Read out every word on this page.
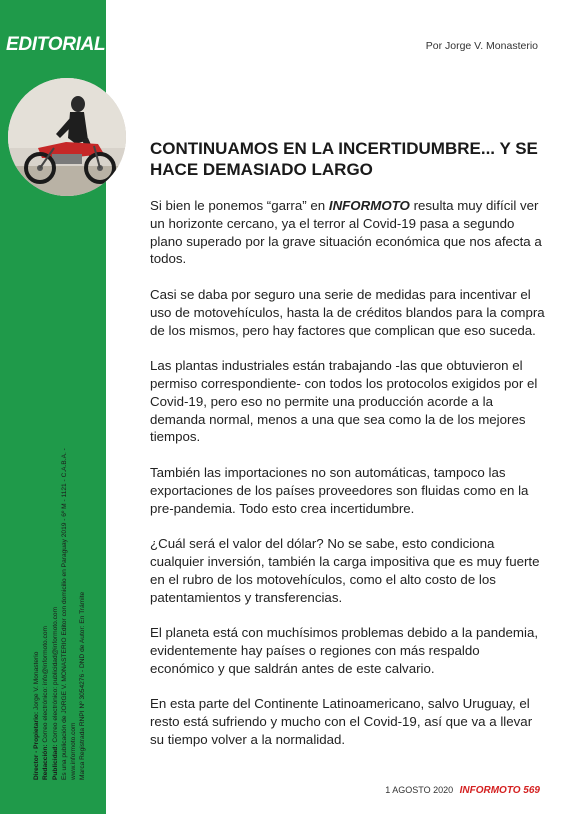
EDITORIAL
Director - Propietario: Jorge V. Monasterio
Redacción: Correo electrónico: info@informoto.com
Publicidad: Correo electrónico: publicidad@informoto.com Es una publicación de JORGE V. MONASTERIO Editor con domicilio en Paraguay 2019 - 6º M - 1121 - C.A.B.A. - www.informoto.com Marca Registrada RNPI Nº 3054276 - DND de Autor: En Trámite
Por Jorge V. Monasterio
CONTINUAMOS EN LA INCERTIDUMBRE... Y SE HACE DEMASIADO LARGO

Si bien le ponemos “garra” en INFORMOTO resulta muy difícil ver un horizonte cercano, ya el terror al Covid-19 pasa a segundo plano superado por la grave situación económica que nos afecta a todos.

Casi se daba por seguro una serie de medidas para incentivar el uso de motovehículos, hasta la de créditos blandos para la compra de los mismos, pero hay factores que complican que eso suceda.

Las plantas industriales están trabajando -las que obtuvieron el permiso correspondiente- con todos los protocolos exigidos por el Covid-19, pero eso no permite una producción acorde a la demanda normal, menos a una que sea como la de los mejores tiempos.

También las importaciones no son automáticas, tampoco las exportaciones de los países proveedores son fluidas como en la pre-pandemia. Todo esto crea incertidumbre.

¿Cuál será el valor del dólar? No se sabe, esto condiciona cualquier inversión, también la carga impositiva que es muy fuerte en el rubro de los motovehículos, como el alto costo de los patentamientos y transferencias.

El planeta está con muchísimos problemas debido a la pandemia, evidentemente hay países o regiones con más respaldo económico y que saldrán antes de este calvario.

En esta parte del Continente Latinoamericano, salvo Uruguay, el resto está sufriendo y mucho con el Covid-19, así que va a llevar su tiempo volver a la normalidad.

1 AGOSTO 2020 INFORMOTO 569
